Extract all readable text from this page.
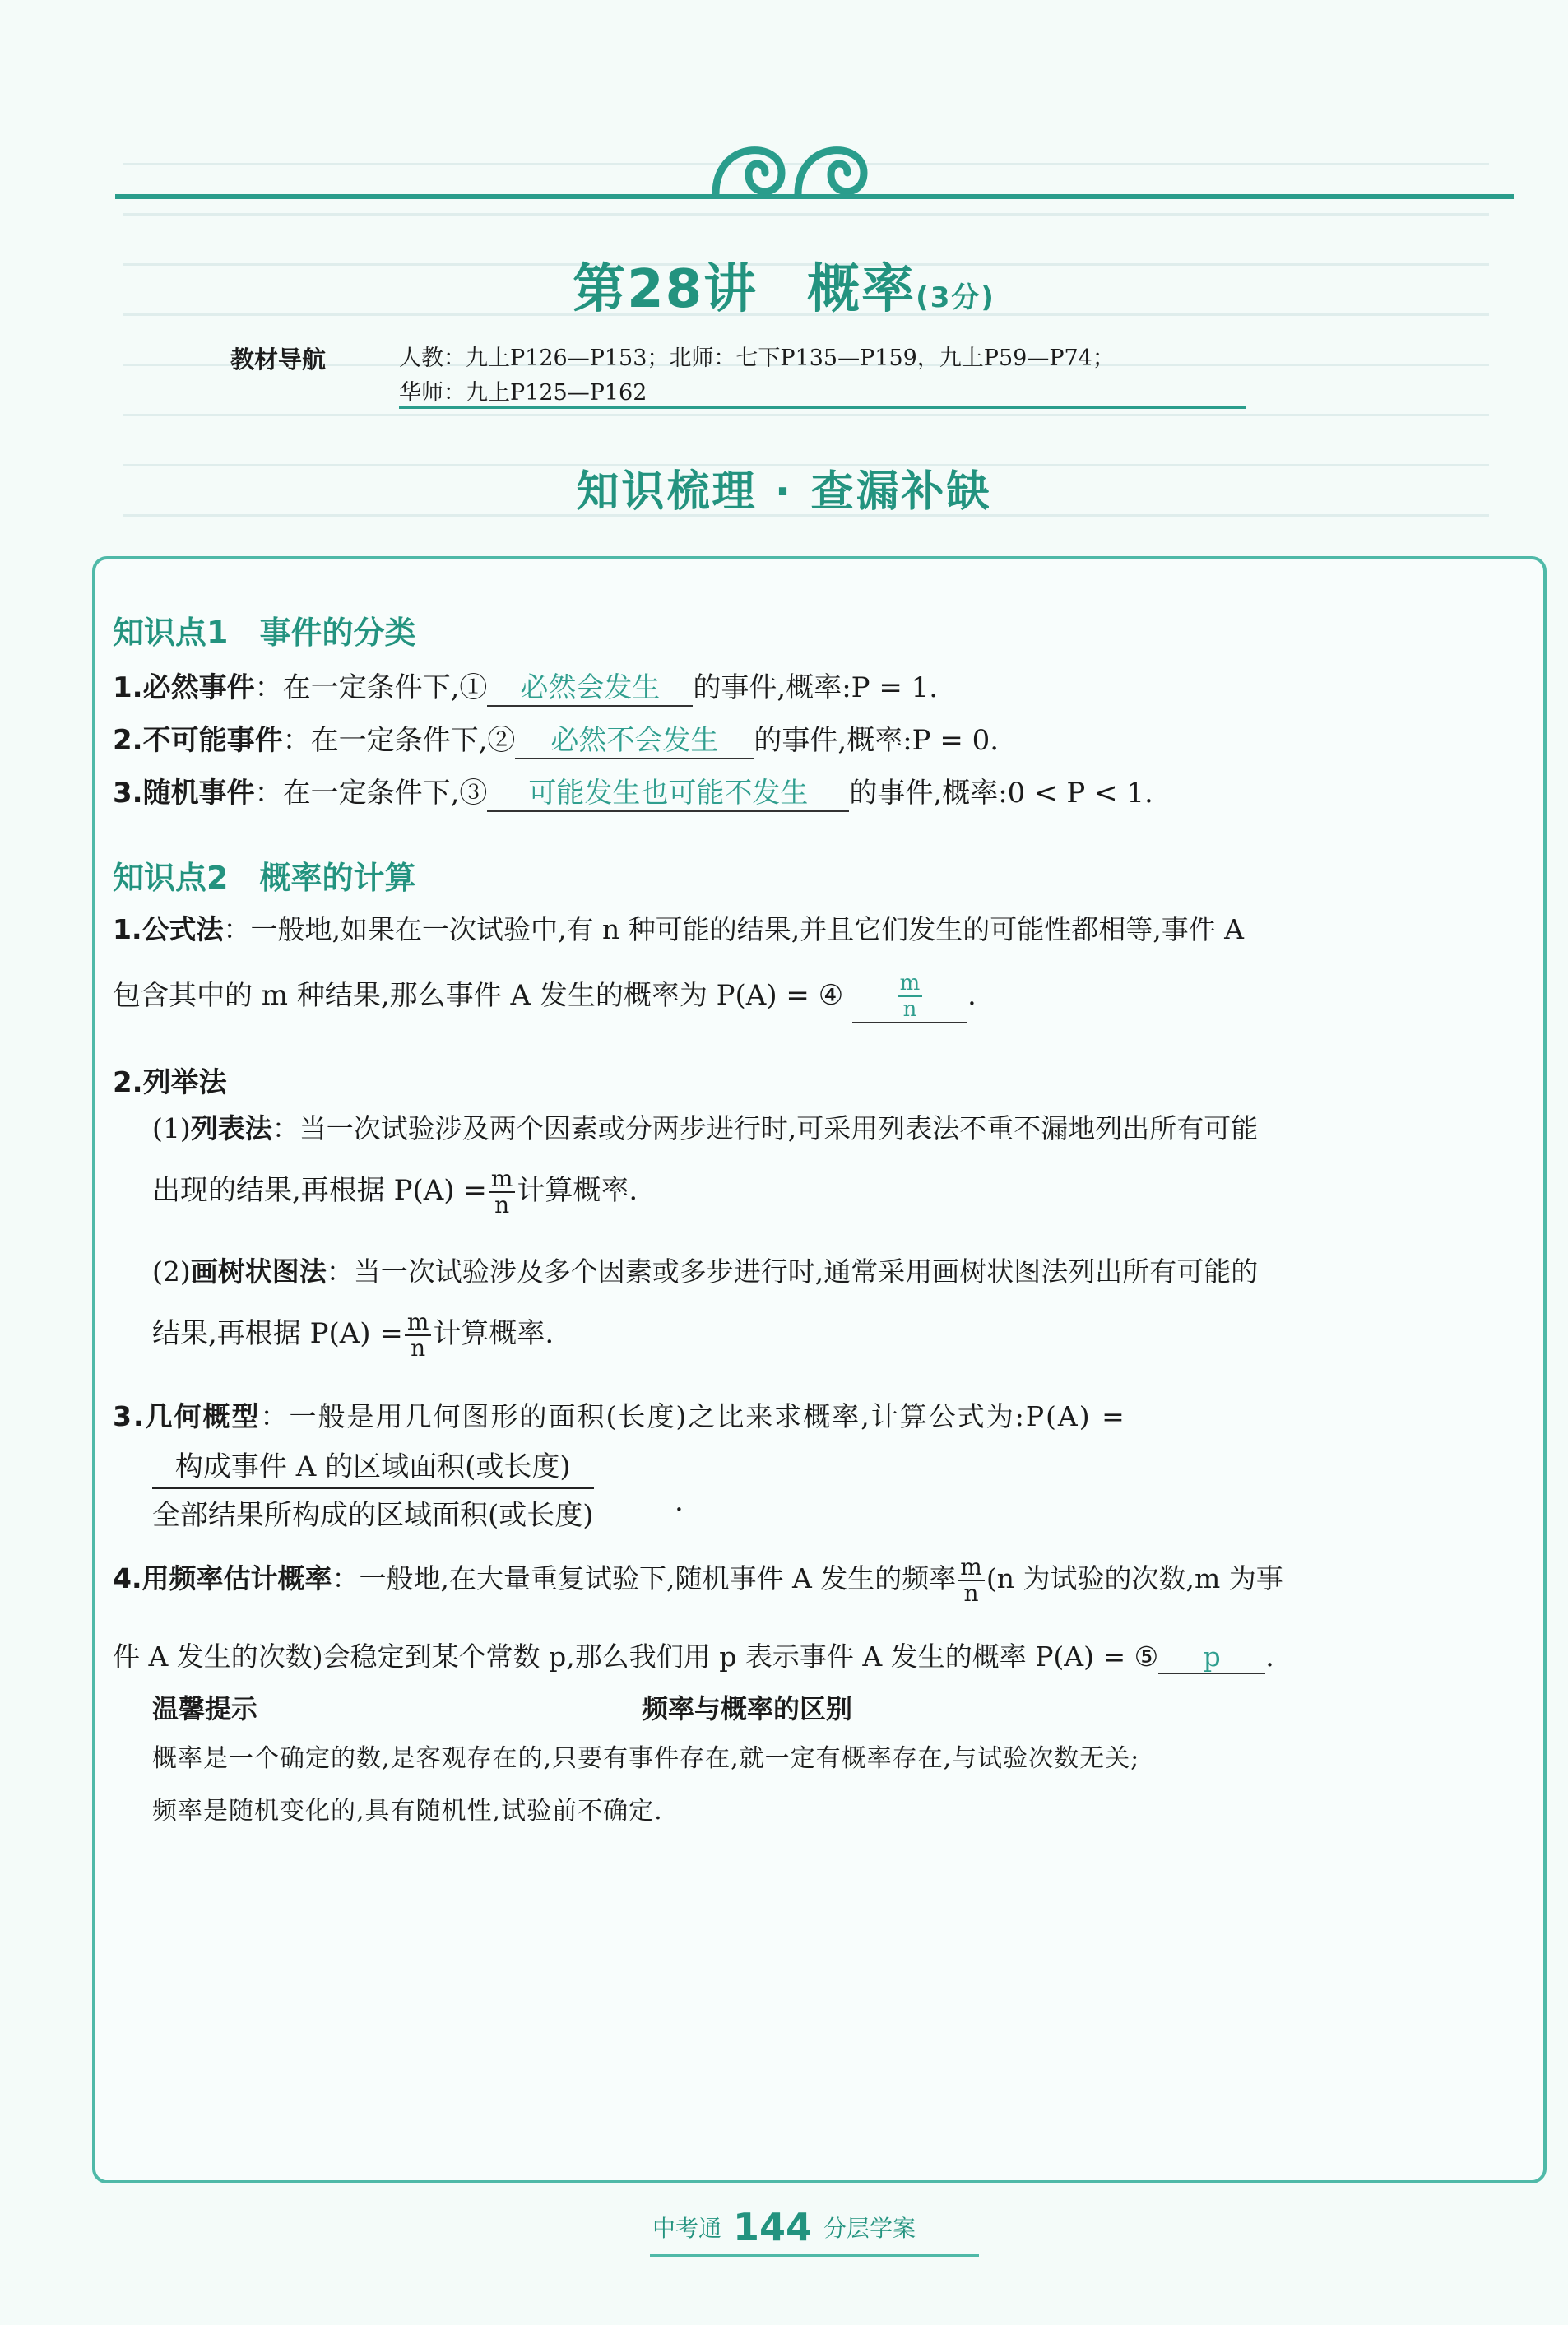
第28讲 概率(3分)
教材导航	人教：九上P126—P153；北师：七下P135—P159，九上P59—P74；
华师：九上P125—P162
知识梳理 · 查漏补缺
知识点1　事件的分类
1.必然事件：在一定条件下,① 必然会发生 的事件,概率:P = 1.
2.不可能事件：在一定条件下,② 必然不会发生 的事件,概率:P = 0.
3.随机事件：在一定条件下,③ 可能发生也可能不发生 的事件,概率:0 < P < 1.
知识点2　概率的计算
1.公式法：一般地,如果在一次试验中,有 n 种可能的结果,并且它们发生的可能性都相等,事件 A
包含其中的 m 种结果,那么事件 A 发生的概率为 P(A) = ④	$\frac{m}{n}$ .
2.列举法
(1)列表法：当一次试验涉及两个因素或分两步进行时,可采用列表法不重不漏地列出所有可能
出现的结果,再根据 $P(A) = \frac{m}{n}$ 计算概率.
(2)画树状图法：当一次试验涉及多个因素或多步进行时,通常采用画树状图法列出所有可能的
结果,再根据 $P(A) = \frac{m}{n}$ 计算概率.
3.几何概型：一般是用几何图形的面积(长度)之比来求概率,计算公式为:P(A) =
构成事件 A 的区域面积(或长度)
全部结果所构成的区域面积(或长度)	.
4.用频率估计概率：一般地,在大量重复试验下,随机事件 A 发生的频率 $\frac{m}{n} (n$ 为试验的次数,m 为事
件 A 发生的次数)会稳定到某个常数 p,那么我们用 p 表示事件 A 发生的概率 P(A) = ⑤ p .
温馨提示	频率与概率的区别
概率是一个确定的数,是客观存在的,只要有事件存在,就一定有概率存在,与试验次数无关;
频率是随机变化的,具有随机性,试验前不确定.
中考通 144 分层学案
